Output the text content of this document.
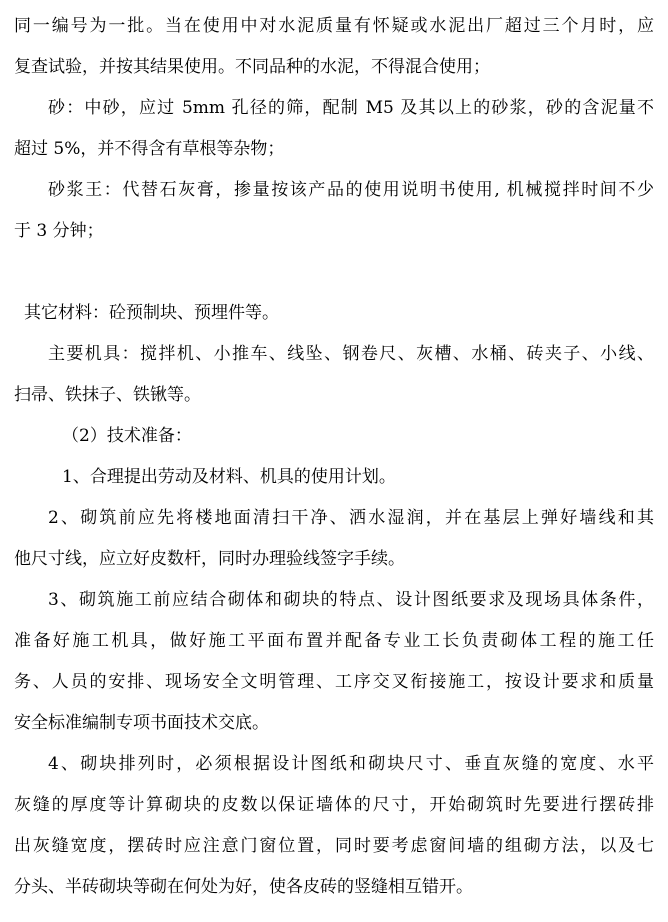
同一编号为一批。当在使用中对水泥质量有怀疑或水泥出厂超过三个月时，应
复查试验，并按其结果使用。不同品种的水泥，不得混合使用；
砂：中砂，应过 5mm 孔径的筛，配制 M5 及其以上的砂浆，砂的含泥量不
超过 5%，并不得含有草根等杂物；
砂浆王：代替石灰膏，掺量按该产品的使用说明书使用, 机械搅拌时间不少
于 3 分钟；
其它材料：砼预制块、预埋件等。
主要机具：搅拌机、小推车、线坠、钢卷尺、灰槽、水桶、砖夹子、小线、
扫帚、铁抹子、铁锹等。
（2）技术准备：
1、合理提出劳动及材料、机具的使用计划。
2、砌筑前应先将楼地面清扫干净、洒水湿润，并在基层上弹好墙线和其
他尺寸线，应立好皮数杆，同时办理验线签字手续。
3、砌筑施工前应结合砌体和砌块的特点、设计图纸要求及现场具体条件，
准备好施工机具，做好施工平面布置并配备专业工长负责砌体工程的施工任
务、人员的安排、现场安全文明管理、工序交叉衔接施工，按设计要求和质量
安全标准编制专项书面技术交底。
4、砌块排列时，必须根据设计图纸和砌块尺寸、垂直灰缝的宽度、水平
灰缝的厚度等计算砌块的皮数以保证墙体的尺寸，开始砌筑时先要进行摆砖排
出灰缝宽度，摆砖时应注意门窗位置，同时要考虑窗间墙的组砌方法，以及七
分头、半砖砌块等砌在何处为好，使各皮砖的竖缝相互错开。
